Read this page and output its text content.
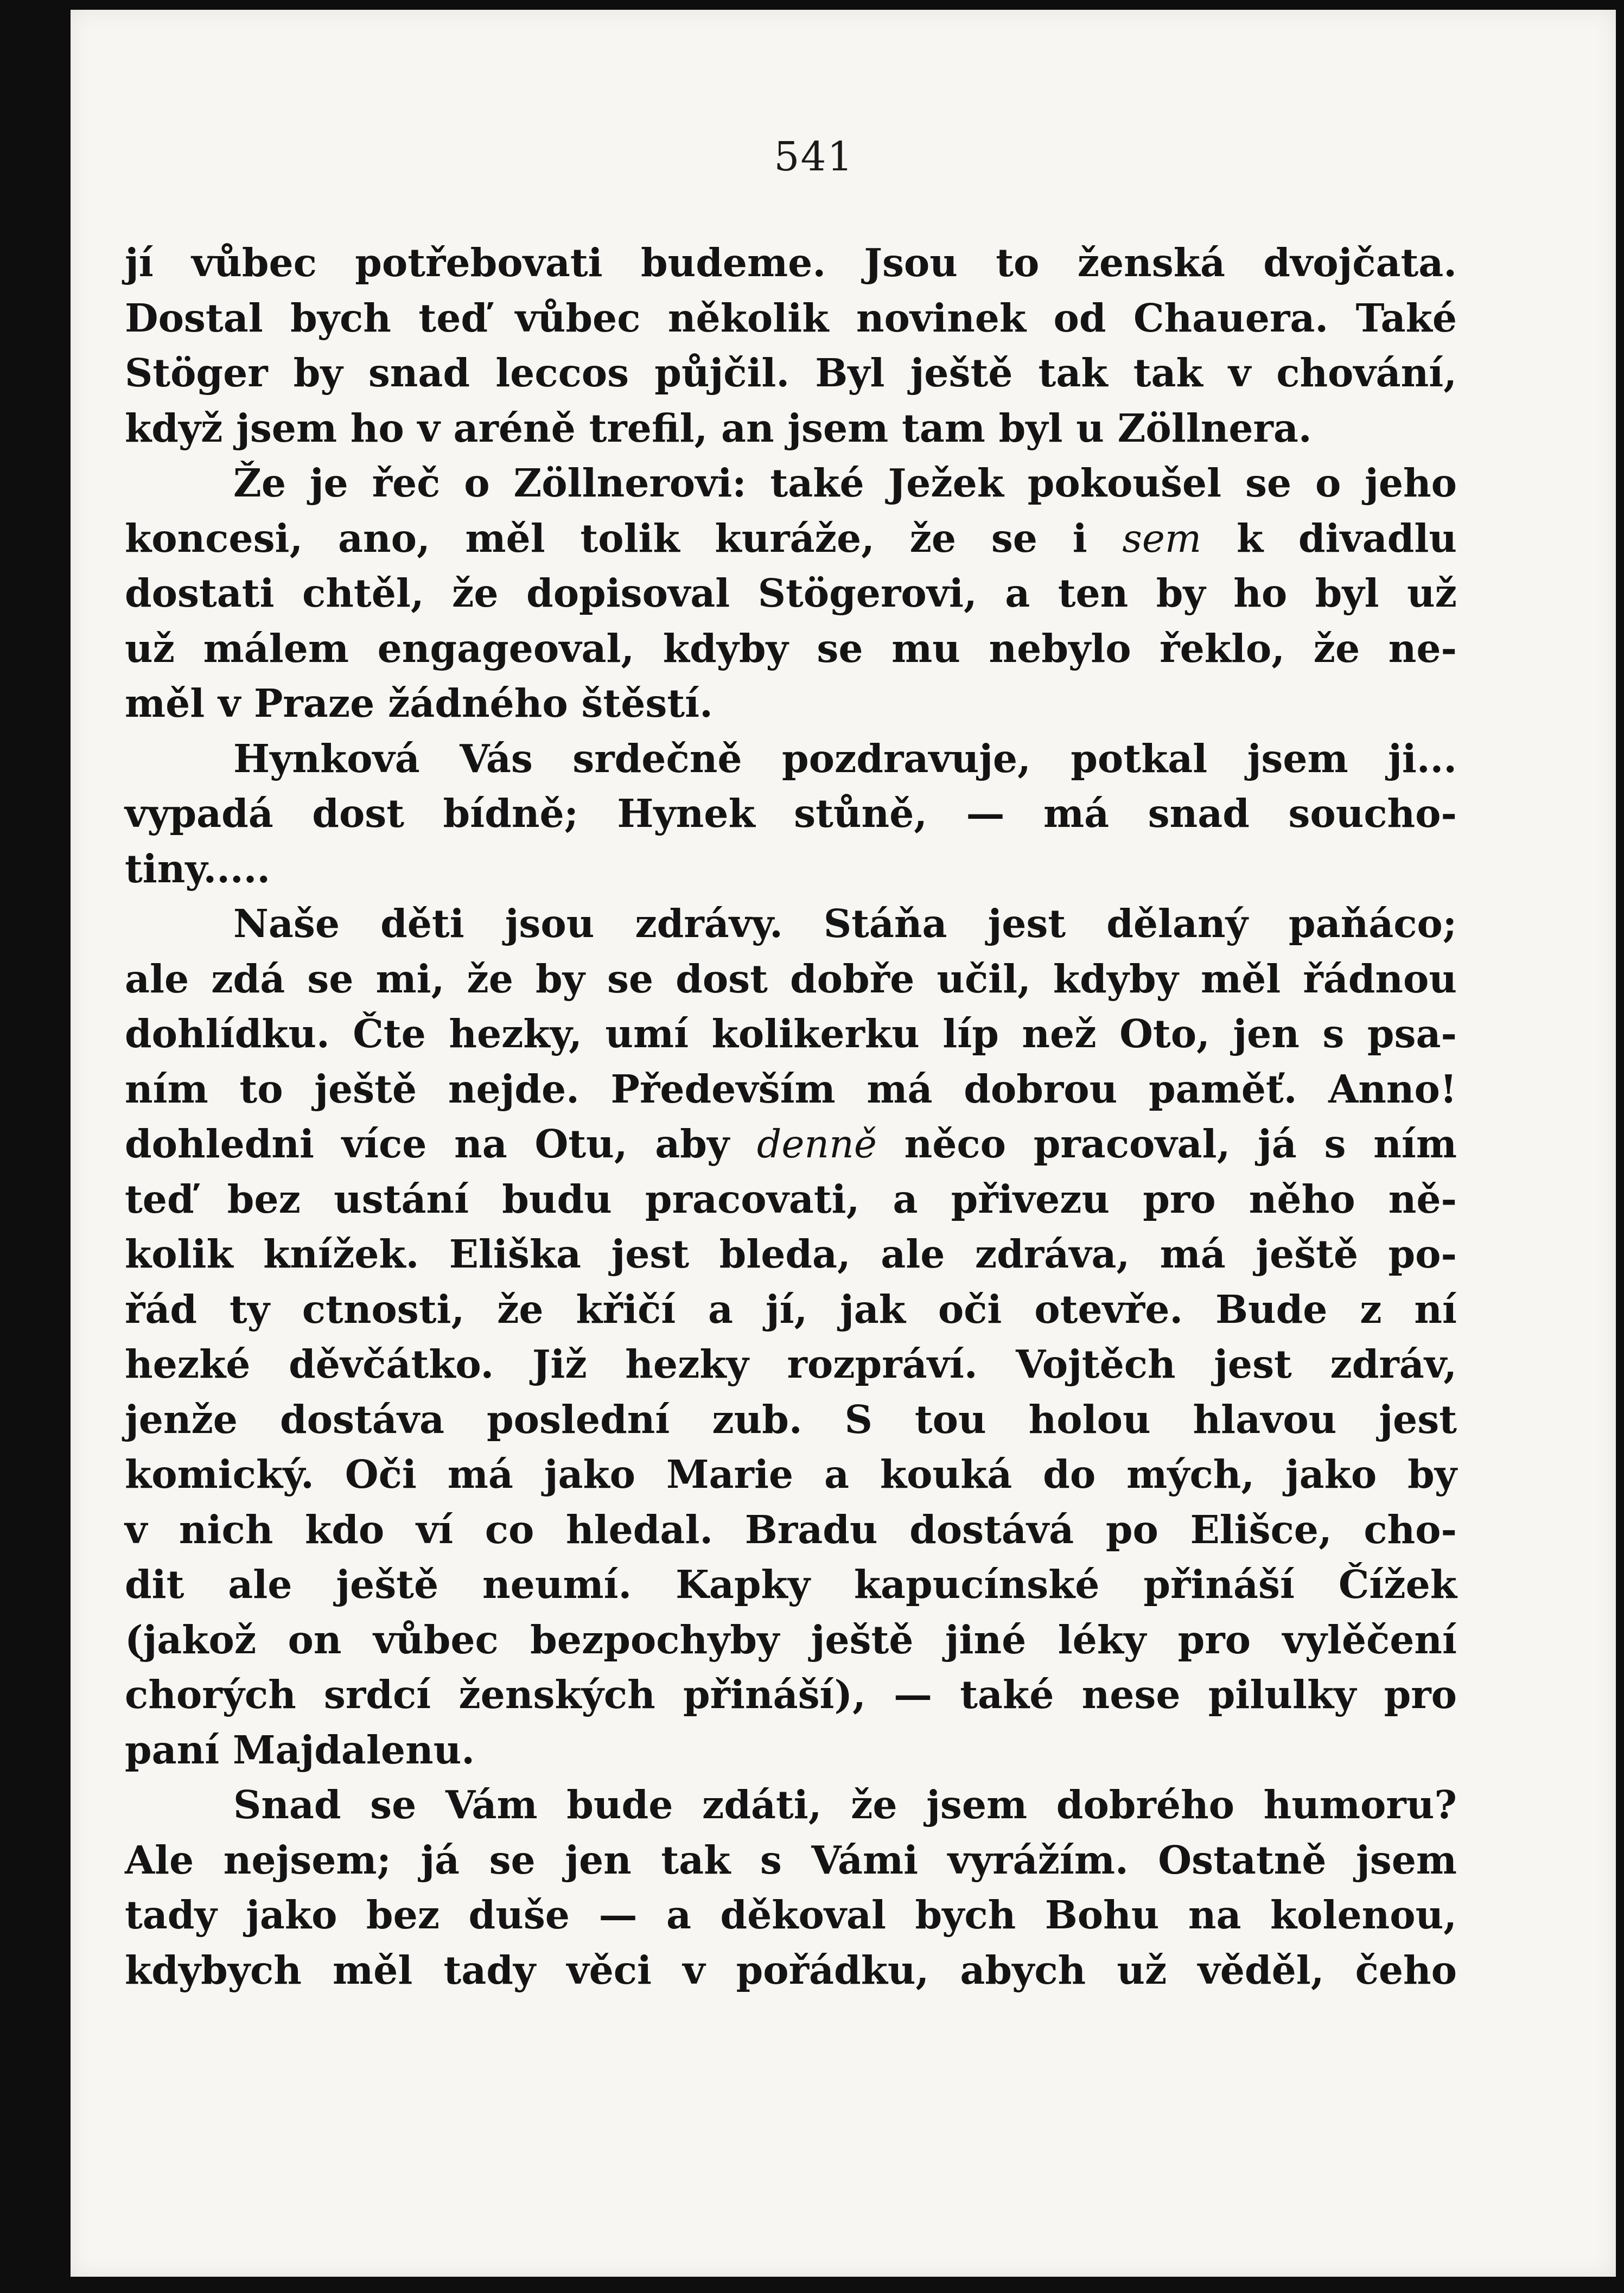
541
jí vůbec potřebovati budeme. Jsou to ženská dvojčata.
Dostal bych teď vůbec několik novinek od Chauera. Také
Stöger by snad leccos půjčil. Byl ještě tak tak v chování,
když jsem ho v aréně trefil, an jsem tam byl u Zöllnera.
Že je řeč o Zöllnerovi: také Ježek pokoušel se o jeho
koncesi, ano, měl tolik kuráže, že se i sem k divadlu
dostati chtěl, že dopisoval Stögerovi, a ten by ho byl už
už málem engageoval, kdyby se mu nebylo řeklo, že ne-
měl v Praze žádného štěstí.
Hynková Vás srdečně pozdravuje, potkal jsem ji...
vypadá dost bídně; Hynek stůně, — má snad soucho-
tiny.....
Naše děti jsou zdrávy. Stáňa jest dělaný paňáco;
ale zdá se mi, že by se dost dobře učil, kdyby měl řádnou
dohlídku. Čte hezky, umí kolikerku líp než Oto, jen s psa-
ním to ještě nejde. Především má dobrou paměť. Anno!
dohledni více na Otu, aby denně něco pracoval, já s ním
teď bez ustání budu pracovati, a přivezu pro něho ně-
kolik knížek. Eliška jest bleda, ale zdráva, má ještě po-
řád ty ctnosti, že křičí a jí, jak oči otevře. Bude z ní
hezké děvčátko. Již hezky rozpráví. Vojtěch jest zdráv,
jenže dostáva poslední zub. S tou holou hlavou jest
komický. Oči má jako Marie a kouká do mých, jako by
v nich kdo ví co hledal. Bradu dostává po Elišce, cho-
dit ale ještě neumí. Kapky kapucínské přináší Čížek
(jakož on vůbec bezpochyby ještě jiné léky pro vylěčení
chorých srdcí ženských přináší), — také nese pilulky pro
paní Majdalenu.
Snad se Vám bude zdáti, že jsem dobrého humoru?
Ale nejsem; já se jen tak s Vámi vyrážím. Ostatně jsem
tady jako bez duše — a děkoval bych Bohu na kolenou,
kdybych měl tady věci v pořádku, abych už věděl, čeho
